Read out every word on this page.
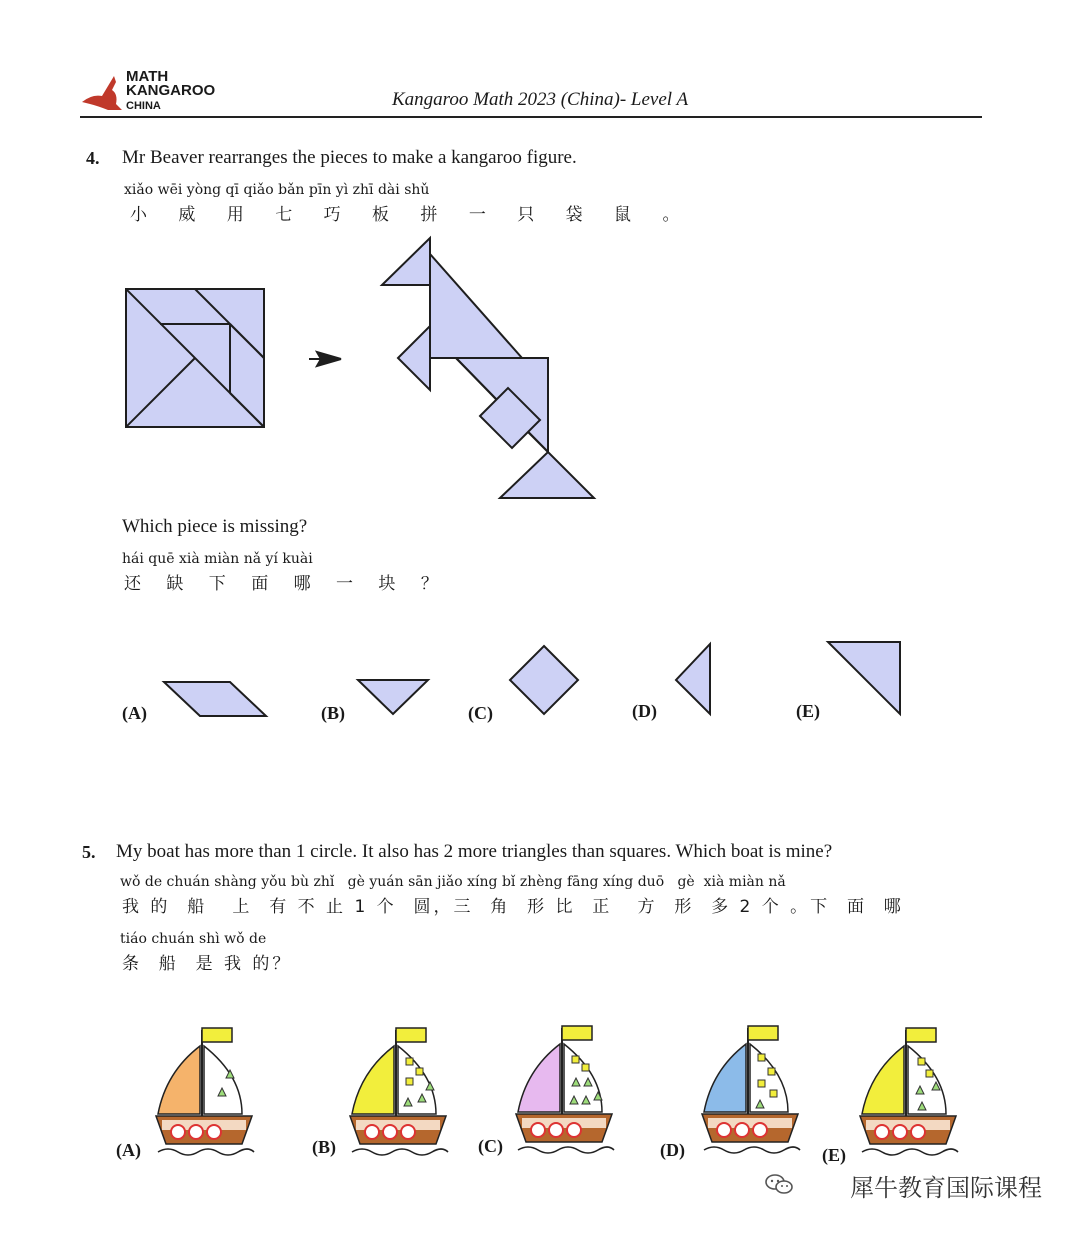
MATH
KANGAROO
CHINA	Kangaroo Math 2023 (China)- Level A
4. Mr Beaver rearranges the pieces to make a kangaroo figure.
xiǎo wēi yòng qī qiǎo bǎn pīn yì zhī dài shǔ
小 威 用 七 巧 板 拼 一 只 袋 鼠 。
Which piece is missing?
hái quē xià miàn nǎ yí kuài
还 缺 下 面 哪 一 块 ？
(A)	(B)	(C)	(D)	(E)
5. My boat has more than 1 circle. It also has 2 more triangles than squares. Which boat is mine?
wǒ de chuán shàng yǒu bù zhǐ   gè yuán sān jiǎo xíng bǐ zhèng fāng xíng duō   gè  xià miàn nǎ
我 的  船   上  有 不 止 1 个  圆，三  角  形 比  正   方  形  多 2 个 。下  面  哪
tiáo chuán shì wǒ de
条  船  是 我 的？
(A)	(B)	(C)	(D)	(E)
犀牛教育国际课程
